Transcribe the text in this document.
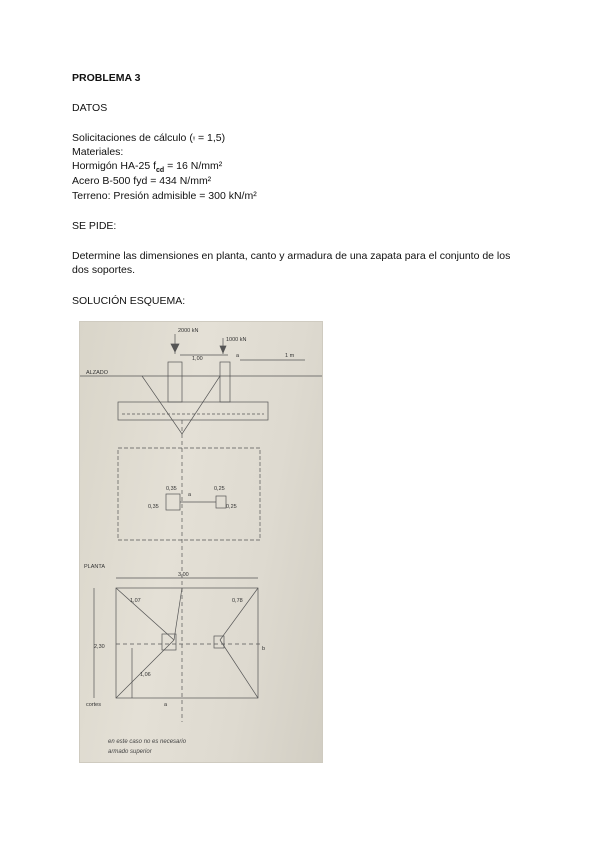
PROBLEMA 3
DATOS
Solicitaciones de cálculo (ᵞ = 1,5)
Materiales:
Hormigón HA-25 $f_{cd} = 16$ N/mm²
Acero B-500 fyd = 434 N/mm²
Terreno: Presión admisible = 300 kN/m²
SE PIDE:
Determine las dimensiones en planta, canto y armadura de una zapata para el conjunto de los dos soportes.
SOLUCIÓN ESQUEMA:
2000 kN
1000 kN
1,00	a	1 m
ALZADO
0,35
0,35
a
0,25
0,25
PLANTA
3,00
1,07	0,78
2,30	b
1,06
a
cortes
en este caso no es necesario
armado superior
